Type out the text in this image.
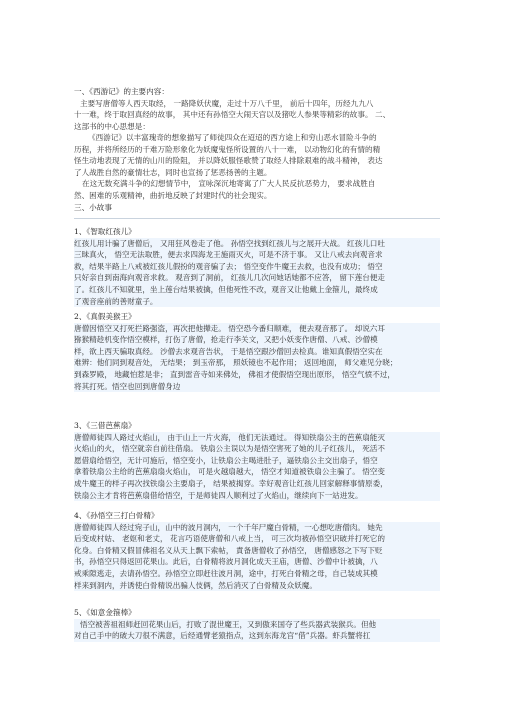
一、《西游记》的主要内容：
主要写唐僧等人西天取经， 一路降妖伏魔，走过十万八千里， 前后十四年，历经九九八
十一难，终于取回真经的故事， 其中还有孙悟空大闹天宫以及猪吃人参果等精彩的故事。 二、
这部书的中心思想是：
《西游记》以丰富瑰奇的想象描写了师徒四众在迢迢的西方途上和穷山恶水冒险斗争的
历程，并将所经历的千难万险形象化为妖魔鬼怪所设置的八十一难， 以动物幻化的有情的精
怪生动地表现了无情的山川的险阻， 并以降妖服怪歌赞了取经人排除艰难的战斗精神， 表达
了人战胜自然的豪情壮志，同时也宣扬了惩恶扬善的主题。
在这无数充满斗争的幻想情节中， 宣咏深沉地寄寓了广大人民反抗恶势力， 要求战胜自
然、困难的乐观精神，曲折地反映了封建时代的社会现实。
三、小故事
1、《智取红孩儿》
红孩儿用计骗了唐僧后， 又用狂风卷走了他。 孙悟空找到红孩儿与之展开大战。 红孩儿口吐
三昧真火， 悟空无法取胜，便去求四海龙王施雨灭火，可是不济于事。 又让八戒去向观音求
救，结果半路上八戒被红孩儿假扮的观音骗了去； 悟空变作牛魔王去救，也没有成功； 悟空
只好亲自到南海向观音求救。 观音到了洞前， 红孩儿几次问她话她都不应答， 留下莲台便走
了。红孩儿不知就里，坐上莲台结果被擒，但他死性不改，观音又让他戴上金箍儿，最终成
了观音座前的善财童子。
2、《真假美猴王》
唐僧因悟空又打死拦路强盗，再次把他撵走。 悟空恐今番归顺难， 便去观音那了。 却说六耳
猕猴精趁机变作悟空模样，打伤了唐僧，抢走行李关文，又把小妖变作唐僧、八戒、沙僧模
样，欲上西天骗取真经。 沙僧去求观音告状， 于是悟空跟沙僧回去检真。谁知真假悟空实在
难辨：他们同到观音处， 无结果； 到玉帝那， 照妖镜也不起作用； 返回地面， 师父难见分晓；
到森罗殿， 地藏怕惹是非； 直到雷音寺如来佛处， 佛祖才使假悟空现出原形， 悟空气愤不过，
将其打死。悟空也回到唐僧身边
3、《三借芭蕉扇》
唐僧师徒四人路过火焰山， 由于山上一片火海， 他们无法通过。 得知铁扇公主的芭蕉扇能灭
火焰山的火， 悟空就亲自前往借扇。 铁扇公主误以为是悟空害死了她的儿子红孩儿， 死活不
愿借扇给悟空，无计可施后，悟空变小，让铁扇公主喝进肚子，逼铁扇公主交出扇子，悟空
拿着铁扇公主给的芭蕉扇扇火焰山， 可是火越扇越大， 悟空才知道被铁扇公主骗了。 悟空变
成牛魔王的样子再次找铁扇公主要扇子， 结果被揭穿。幸好观音让红孩儿回家解释事情原委，
铁扇公主才肯将芭蕉扇借给悟空，于是师徒四人顺利过了火焰山，继续向下一站进发。
4、《孙悟空三打白骨精》
唐僧师徒四人经过宛子山，山中的波月洞内， 一个千年尸魔白骨精，一心想吃唐僧肉。 她先
后变成村姑、 老妪和老丈， 花言巧语使唐僧和八戒上当， 可三次均被孙悟空识破并打死它的
化身。白骨精又假冒佛祖名义从天上飘下索帖， 責备唐僧收了孙悟空， 唐僧感怒之下写下贬
书，孙悟空只得返回花果山。此后，白骨精将波月洞化成天王庙，唐僧、沙僧中计被擒，八
戒乘隙逃走，去请孙悟空。孙悟空立即赶往波月洞，途中，打死白骨精之母，自己装成其模
样来到洞内，并诱使白骨精说出骗人伎俩，然后消灭了白骨精及众妖魔。
5、《如意金箍棒》
悟空被菩祖祖师赶回花果山后，打败了混世魔王，又到傲来国夺了些兵器武装猴兵。但他
对自己手中的破大刀很不满意，后经通臂老猿指点，这到东海龙宫“借”兵器。虾兵蟹将扛
